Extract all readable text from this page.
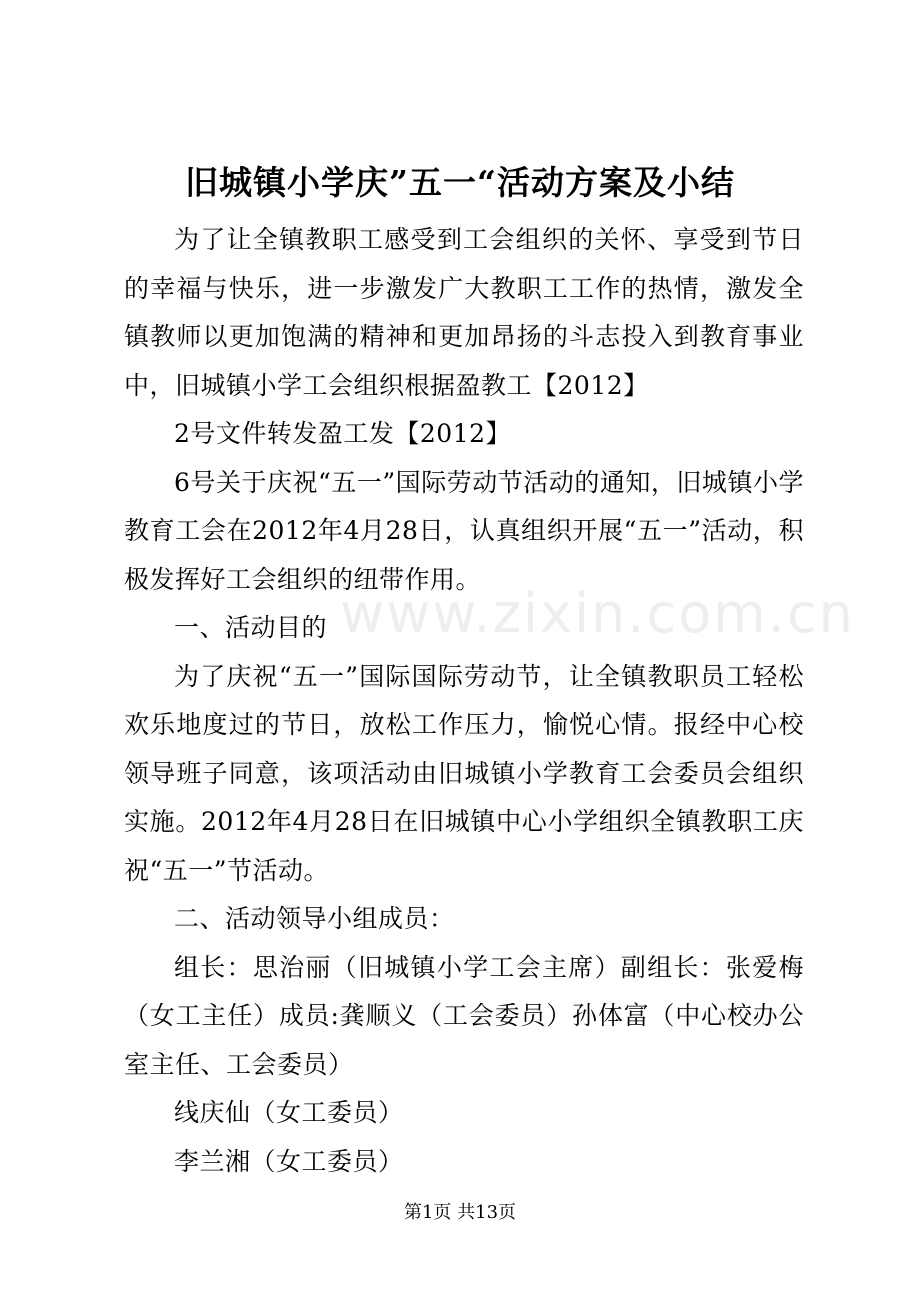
旧城镇小学庆”五一“活动方案及小结

为了让全镇教职工感受到工会组织的关怀、享受到节日的幸福与快乐，进一步激发广大教职工工作的热情，激发全镇教师以更加饱满的精神和更加昂扬的斗志投入到教育事业中，旧城镇小学工会组织根据盈教工【2012】

2号文件转发盈工发【2012】

6号关于庆祝“五一”国际劳动节活动的通知，旧城镇小学教育工会在2012年4月28日，认真组织开展“五一”活动，积极发挥好工会组织的纽带作用。

一、活动目的

为了庆祝“五一”国际国际劳动节，让全镇教职员工轻松欢乐地度过的节日，放松工作压力，愉悦心情。报经中心校领导班子同意，该项活动由旧城镇小学教育工会委员会组织实施。2012年4月28日在旧城镇中心小学组织全镇教职工庆祝“五一”节活动。

二、活动领导小组成员：

组长：思治丽（旧城镇小学工会主席）副组长：张爱梅（女工主任）成员:龚顺义（工会委员）孙体富（中心校办公室主任、工会委员）

线庆仙（女工委员）

李兰湘（女工委员）

www.zixin.com.cn
第1页 共13页
